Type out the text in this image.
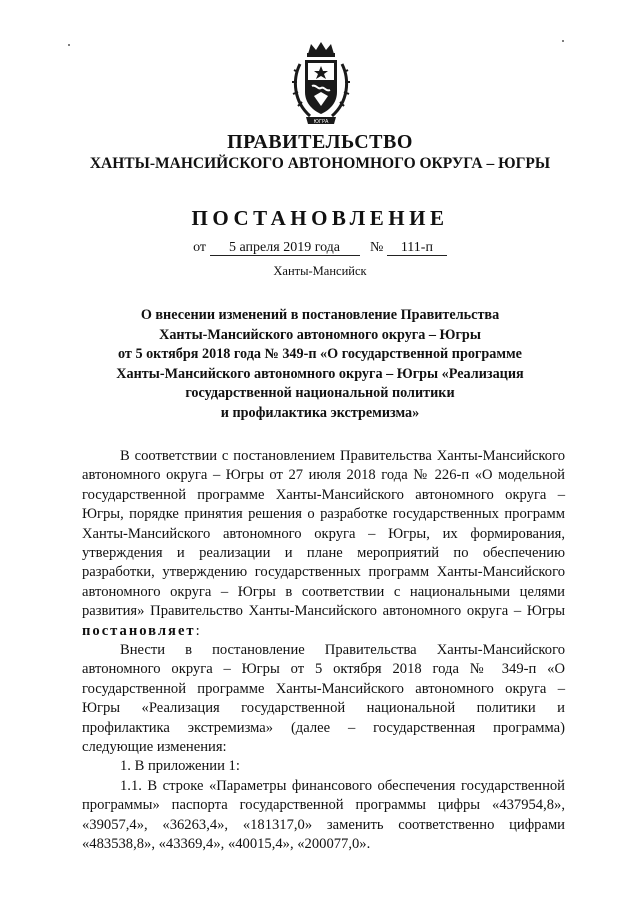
ЮГРА
ПРАВИТЕЛЬСТВО
ХАНТЫ-МАНСИЙСКОГО АВТОНОМНОГО ОКРУГА – ЮГРЫ
ПОСТАНОВЛЕНИЕ
от 5 апреля 2019 года № 111-п
Ханты-Мансийск
О внесении изменений в постановление Правительства
Ханты-Мансийского автономного округа – Югры
от 5 октября 2018 года № 349-п «О государственной программе
Ханты-Мансийского автономного округа – Югры «Реализация
государственной национальной политики
и профилактика экстремизма»
В соответствии с постановлением Правительства Ханты-Мансийского автономного округа – Югры от 27 июля 2018 года № 226-п «О модельной государственной программе Ханты-Мансийского автономного округа – Югры, порядке принятия решения о разработке государственных программ Ханты-Мансийского автономного округа – Югры, их формирования, утверждения и реализации и плане мероприятий по обеспечению разработки, утверждению государственных программ Ханты-Мансийского автономного округа – Югры в соответствии с национальными целями развития» Правительство Ханты-Мансийского автономного округа – Югры постановляет:
Внести в постановление Правительства Ханты-Мансийского автономного округа – Югры от 5 октября 2018 года № 349-п «О государственной программе Ханты-Мансийского автономного округа – Югры «Реализация государственной национальной политики и профилактика экстремизма» (далее – государственная программа) следующие изменения:
1. В приложении 1:
1.1. В строке «Параметры финансового обеспечения государственной программы» паспорта государственной программы цифры «437954,8», «39057,4», «36263,4», «181317,0» заменить соответственно цифрами «483538,8», «43369,4», «40015,4», «200077,0».
